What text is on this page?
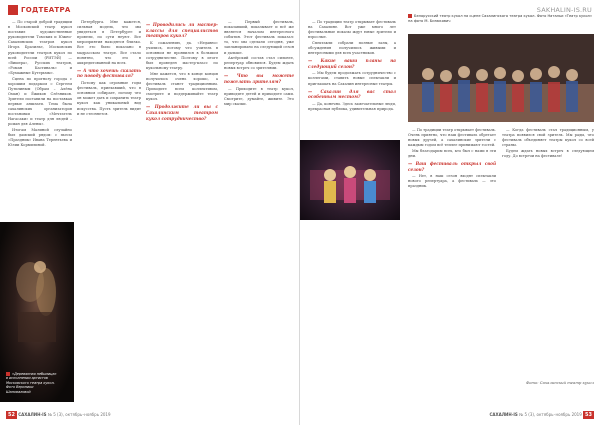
ГОДТЕАТРА

— По старой доброй традиции в Московский театр кукол поставил художественные руководители Томских и Южно-Сахалинских театров кукол Игорь Бразилье, Московских руководители театров кукол по всей России (РИТЭЙ) — «Вишера», Русских театров, «Роман Кастиналь» и «Бумажные Кутерьмы».

Сцена по прогнозу города с хорошим подарком с Сергеем Путилиным (Обрам – Алёна Оман) и Ёжиков Слёзников. Зрители поставили на поставках первые аншлаги. Тема была сахалинских организаторов постановки «Мечтатель Нагасаки» и театр для людей – роман для Алены».

Итогам Малиной случайно был дамский рядом: с пьесы «Праздник» Ивана Терентьева и Юлии Кормилиной.

Петербурга. Мне кажется, сильная модель, что мы увидеться в Петербурге и провели, по сути неуют. Все мероприятия находятся близко. Все это было показано в мадрасском театре. Все стало понятно, что это в аккредитованной на всех.

— А что хочешь сказать по поводу фестиваля?

Потому как огромные годы фестиваль, приехавший, что в основном собирает, потому что он может дать и сохранить театр кукол как уникальный вид искусства. Пусть зритель видит и не стесняется.

— Проводились ли мастер-классы для специалистов театров кукол?

К сожалению, да. «Недавно» учились, потому что учитель в основном не проявился в большом сотрудничестве. Поэтому в итоге был проведен мастер-класс по кукольному театру.

Мне кажется, что в конце концов получилось очень хорошо, а фестиваль станет традиционным. Приходите всем коллективом, смотрите и поддерживайте театр кукол.

— Продолжите ли вы с Сахалинским театром кукол сотрудничество?

— Первый фестиваль, показавший, показывает и всё же является началом интересного события. Этот фестиваль показал: то, что мы сделали сегодня, уже запланировано на следующий сезон и дальше.

Актёрский состав стал сильнее, репертуар обновился. Будем ждать новых встреч со зрителями.

— Что вы можете пожелать зрителям?

— Приходите в театр кукол, приводите детей и приходите сами. Смотрите, думайте, живите. Это мир сказки.

«Деревянная небылица» в исполнении артистов Московского театра кукол. Фото Вероники Шаповаловой
52 САХАЛИН-IS № 5 (3), октябрь–ноябрь 2019
SAKHALIN-IS.RU

— По традиции театр открывает фестиваль на Сахалине. Вот уже много лет фестивальные показы ждут юные зрители и взрослые.

Спектакли собрали полные залы, а обсуждения получились живыми и интересными для всех участников.

— Какие ваши планы на следующий сезон?

— Мы будем продолжать сотрудничество с коллегами, ставить новые спектакли и приглашать на Сахалин интересные театры.

— Сахалин для вас стал особенным местом?

— Да, конечно. Здесь замечательные люди, прекрасная публика, удивительная природа.

Белорусский театр кукол на сцене Сахалинского театра кукол. Фото Натальи «Театр кукол» на фото М. Бизюкович

— По традиции театр открывает фестиваль. Очень приятно, что наш фестиваль обретает новых друзей, а сахалинские зрители с каждым годом всё теплее принимают гостей.

Мы благодарим всех, кто был с нами в эти дни.

— Ваш фестиваль открыл свой сезон?

— Нет, в наш сезон входят спектакли нового репертуара, а фестиваль — это праздник.

— Когда фестиваль стал традиционным, у театра появился свой зритель. Мы рады, что фестиваль объединяет театры кукол со всей страны.

Будем ждать новых встреч в следующем году. До встречи на фестивале!

Фото: Сахалинский театр кукол
САХАЛИН-IS № 5 (3), октябрь–ноябрь 2019 53
